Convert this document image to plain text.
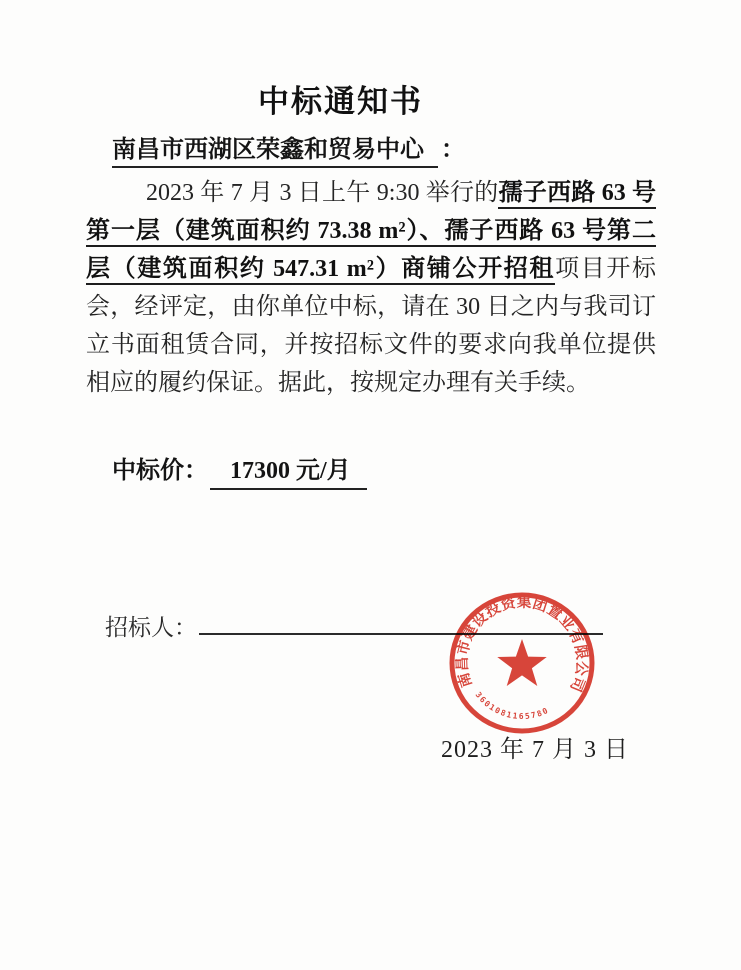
中标通知书
南昌市西湖区荣鑫和贸易中心 ：
2023 年 7 月 3 日上午 9:30 举行的孺子西路 63 号
第一层（建筑面积约 73.38 m²）、孺子西路 63 号第二
层（建筑面积约 547.31 m²）商铺公开招租项目开标
会，经评定，由你单位中标，请在 30 日之内与我司订
立书面租赁合同，并按招标文件的要求向我单位提供
相应的履约保证。据此，按规定办理有关手续。
中标价： 17300 元/月
招标人：
南昌市建设投资集团置业有限公司
3601081165780
2023 年 7 月 3 日
